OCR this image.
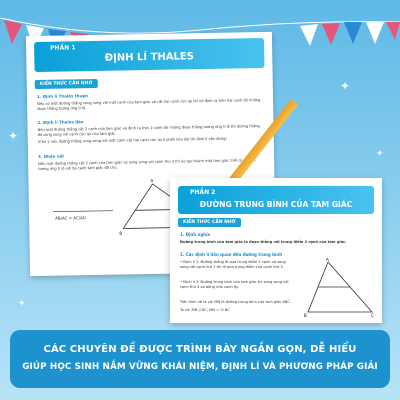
✦
✦
✦
✦
PHẦN 1
ĐỊNH LÍ THALES
KIẾN THỨC CẦN NHỚ
1. Định lí Thalès thuận
Nếu có một đường thẳng song song với một cạnh của tam giác và cắt hai cạnh còn lại thì nó định ra trên hai cạnh đó những đoạn thẳng tương ứng tỉ lệ.
2. Định lí Thalès đảo
Nếu một đường thẳng cắt 2 cạnh của tam giác và định ra trên 2 cạnh đó những đoạn thẳng tương ứng tỉ lệ thì đường thẳng đó song song với cạnh còn lại của tam giác.
(Chú ý nếu đường thẳng song song với một cạnh cắt hai cạnh còn lại ở phần kéo dài thì định lí vẫn đúng)
3. Nhận xét
Nếu một đường thẳng cắt 2 cạnh của tam giác và song song với cạnh thứ 3 thì nó tạo thành một tam giác mới có 3 cạnh tương ứng tỉ lệ với ba cạnh tam giác đã cho.
AB/AC = AC/AD
A
B
PHẦN 2
ĐƯỜNG TRUNG BÌNH CỦA TAM GIÁC
KIẾN THỨC CẦN NHỚ
1. Định nghĩa
Đường trung bình của tam giác là đoạn thẳng nối trung điểm 2 cạnh của tam giác.
2. Các định lí liên quan đến đường trung bình
• Định lí 1: Đường thẳng đi qua trung điểm 1 cạnh và song song với cạnh thứ 2 thì đi qua trung điểm của cạnh thứ 3.
• Định lí 2: Đường trung bình của tam giác thì song song với cạnh thứ 3 và bằng nửa cạnh ấy.
Trên hình vẽ ta có: MN là đường trung bình của tam giác ABC.
Ta có: MN // BC, MN = ½ BC
A
B	C
CÁC CHUYÊN ĐỀ ĐƯỢC TRÌNH BÀY NGẮN GỌN, DỄ HIỂU
GIÚP HỌC SINH NẮM VỮNG KHÁI NIỆM, ĐỊNH LÍ VÀ PHƯƠNG PHÁP GIẢI
